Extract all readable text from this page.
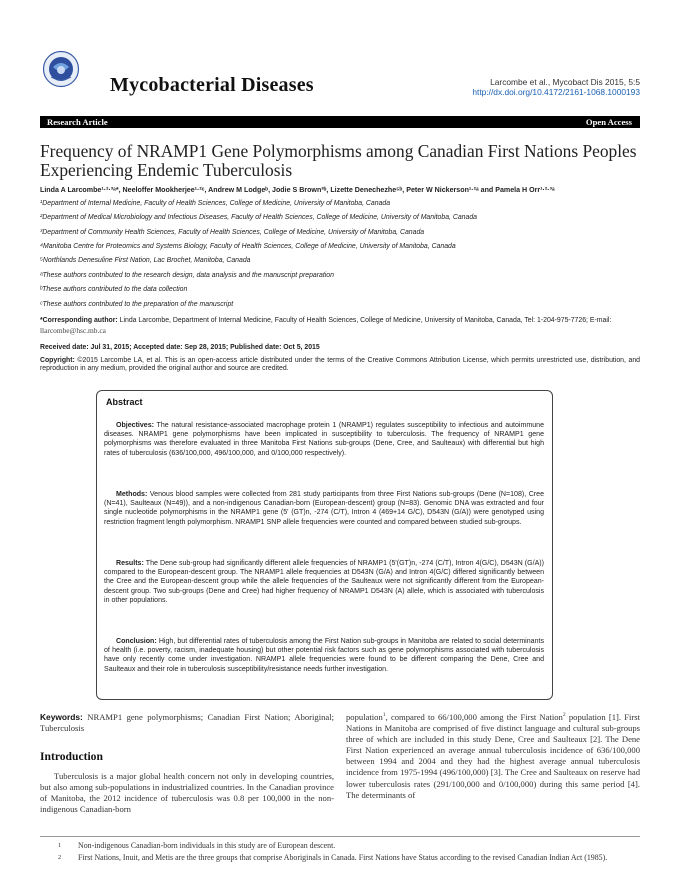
Mycobacterial Diseases	Larcombe et al., Mycobact Dis 2015, 5:5
http://dx.doi.org/10.4172/2161-1068.1000193
Research Article	Open Access
Frequency of NRAMP1 Gene Polymorphisms among Canadian First Nations Peoples Experiencing Endemic Tuberculosis
Linda A Larcombe¹·²·³ᵃ*, Neeloffer Mookherjee¹·²ᶜ, Andrew M Lodgeᵇ, Jodie S Brown³ᵇ, Lizette Denechezhe⁵ᵇ, Peter W Nickerson¹·²ᵃ and Pamela H Orr¹·²·³ᵃ
¹Department of Internal Medicine, Faculty of Health Sciences, College of Medicine, University of Manitoba, Canada
²Department of Medical Microbiology and Infectious Diseases, Faculty of Health Sciences, College of Medicine, University of Manitoba, Canada
³Department of Community Health Sciences, Faculty of Health Sciences, College of Medicine, University of Manitoba, Canada
⁴Manitoba Centre for Proteomics and Systems Biology, Faculty of Health Sciences, College of Medicine, University of Manitoba, Canada
⁵Northlands Denesuline First Nation, Lac Brochet, Manitoba, Canada
ᵃThese authors contributed to the research design, data analysis and the manuscript preparation
ᵇThese authors contributed to the data collection
ᶜThese authors contributed to the preparation of the manuscript
*Corresponding author: Linda Larcombe, Department of Internal Medicine, Faculty of Health Sciences, College of Medicine, University of Manitoba, Canada, Tel: 1-204-975-7726; E-mail: llarcombe@hsc.mb.ca
Received date: Jul 31, 2015; Accepted date: Sep 28, 2015; Published date: Oct 5, 2015
Copyright: ©2015 Larcombe LA, et al. This is an open-access article distributed under the terms of the Creative Commons Attribution License, which permits unrestricted use, distribution, and reproduction in any medium, provided the original author and source are credited.
Abstract

Objectives: The natural resistance-associated macrophage protein 1 (NRAMP1) regulates susceptibility to infectious and autoimmune diseases. NRAMP1 gene polymorphisms have been implicated in susceptibility to tuberculosis. The frequency of NRAMP1 gene polymorphisms was therefore evaluated in three Manitoba First Nations sub-groups (Dene, Cree, and Saulteaux) with differential but high rates of tuberculosis (636/100,000, 496/100,000, and 0/100,000 respectively).

Methods: Venous blood samples were collected from 281 study participants from three First Nations sub-groups (Dene (N=108), Cree (N=41), Saulteaux (N=49)), and a non-indigenous Canadian-born (European-descent) group (N=83). Genomic DNA was extracted and four single nucleotide polymorphisms in the NRAMP1 gene (5' (GT)n, -274 (C/T), Intron 4 (469+14 G/C), D543N (G/A)) were genotyped using restriction fragment length polymorphism. NRAMP1 SNP allele frequencies were counted and compared between studied sub-groups.

Results: The Dene sub-group had significantly different allele frequencies of NRAMP1 (5'(GT)n, -274 (C/T), Intron 4(G/C), D543N (G/A)) compared to the European-descent group. The NRAMP1 allele frequencies at D543N (G/A) and Intron 4(G/C) differed significantly between the Cree and the European-descent group while the allele frequencies of the Saulteaux were not significantly different from the European-descent group. Two sub-groups (Dene and Cree) had higher frequency of NRAMP1 D543N (A) allele, which is associated with tuberculosis in other populations.

Conclusion: High, but differential rates of tuberculosis among the First Nation sub-groups in Manitoba are related to social determinants of health (i.e. poverty, racism, inadequate housing) but other potential risk factors such as gene polymorphisms associated with tuberculosis have only recently come under investigation. NRAMP1 allele frequencies were found to be different comparing the Dene, Cree and Saulteaux and their role in tuberculosis susceptibility/resistance needs further investigation.

Keywords: NRAMP1 gene polymorphisms; Canadian First Nation; Aboriginal; Tuberculosis
Introduction
Tuberculosis is a major global health concern not only in developing countries, but also among sub-populations in industrialized countries. In the Canadian province of Manitoba, the 2012 incidence of tuberculosis was 0.8 per 100,000 in the non-indigenous Canadian-born
population$^1$, compared to 66/100,000 among the First Nation$^2$ population [1]. First Nations in Manitoba are comprised of five distinct language and cultural sub-groups three of which are included in this study Dene, Cree and Saulteaux [2]. The Dene First Nation experienced an average annual tuberculosis incidence of 636/100,000 between 1994 and 2004 and they had the highest average annual tuberculosis incidence from 1975-1994 (496/100,000) [3]. The Cree and Saulteaux on reserve had lower tuberculosis rates (291/100,000 and 0/100,000) during this same period [4]. The determinants of
1 Non-indigenous Canadian-born individuals in this study are of European descent.
2 First Nations, Inuit, and Metis are the three groups that comprise Aboriginals in Canada. First Nations have Status according to the revised Canadian Indian Act (1985).
